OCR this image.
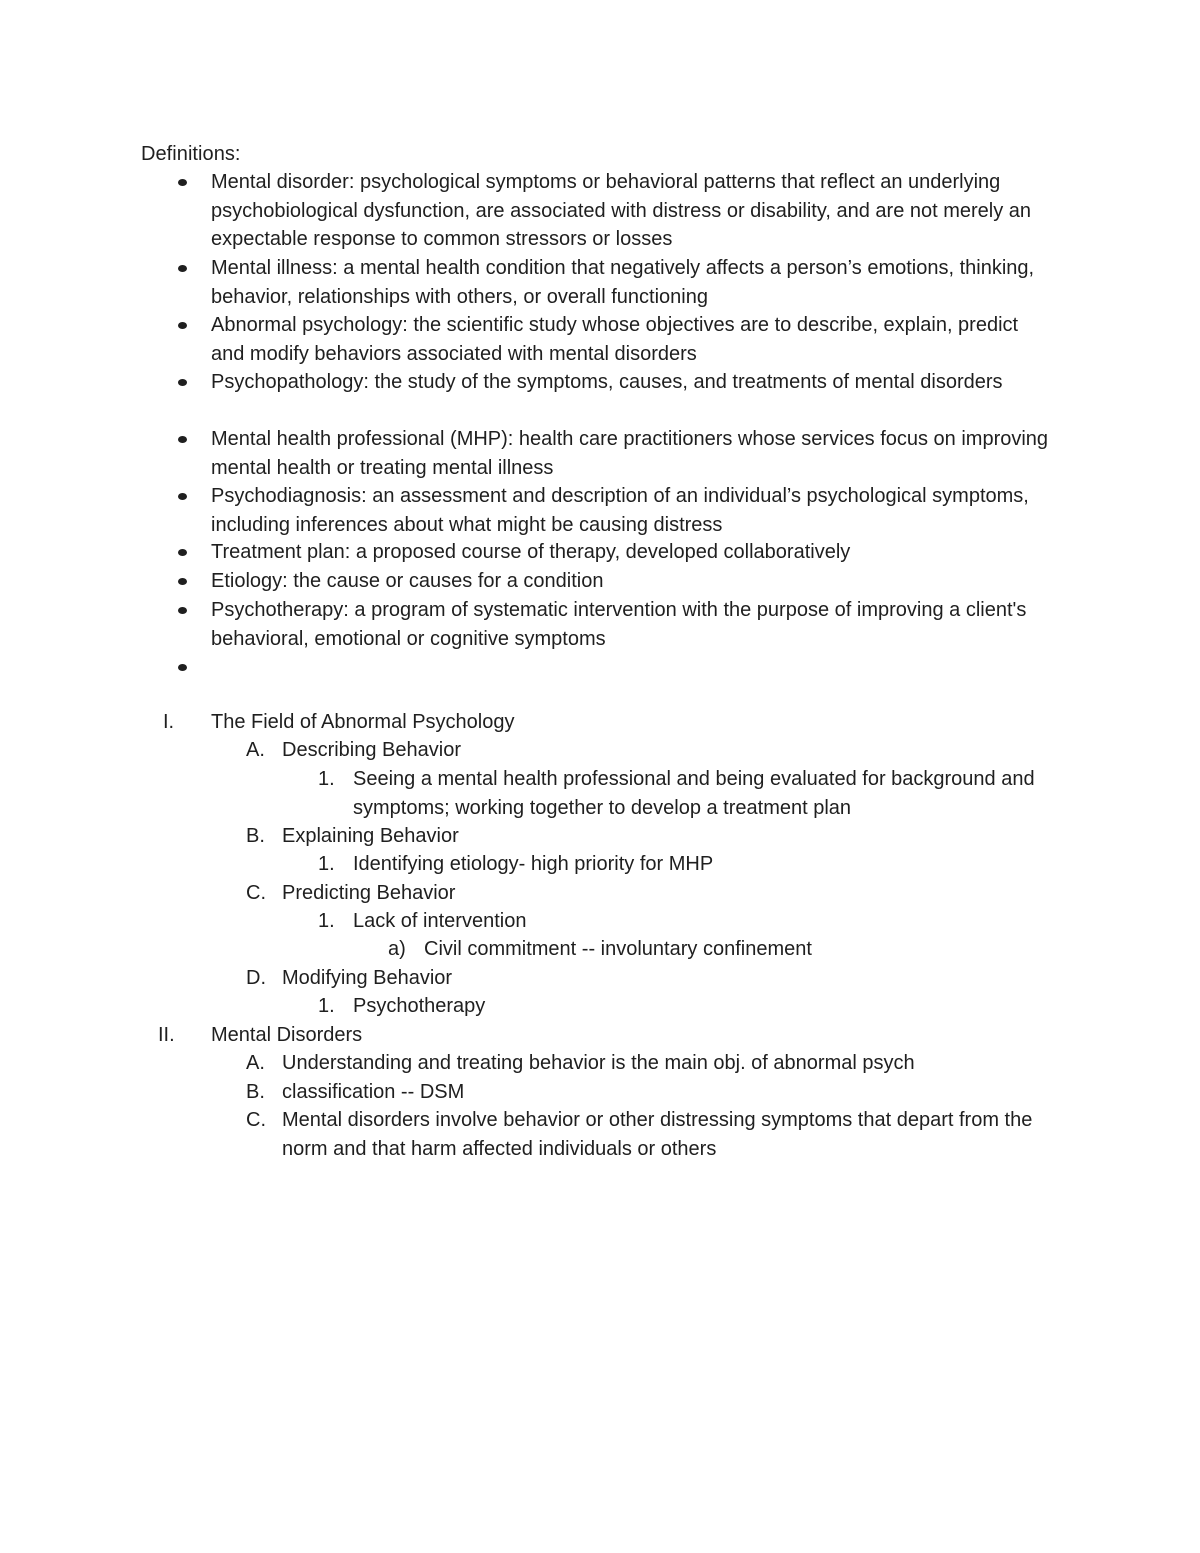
Definitions:
Mental disorder: psychological symptoms or behavioral patterns that reflect an underlying psychobiological dysfunction, are associated with distress or disability, and are not merely an expectable response to common stressors or losses
Mental illness: a mental health condition that negatively affects a person’s emotions, thinking, behavior, relationships with others, or overall functioning
Abnormal psychology: the scientific study whose objectives are to describe, explain, predict and modify behaviors associated with mental disorders
Psychopathology: the study of the symptoms, causes, and treatments of mental disorders
Mental health professional (MHP): health care practitioners whose services focus on improving mental health or treating mental illness
Psychodiagnosis: an assessment and description of an individual’s psychological symptoms, including inferences about what might be causing distress
Treatment plan: a proposed course of therapy, developed collaboratively
Etiology: the cause or causes for a condition
Psychotherapy: a program of systematic intervention with the purpose of improving a client's behavioral, emotional or cognitive symptoms
I. The Field of Abnormal Psychology
A. Describing Behavior
1. Seeing a mental health professional and being evaluated for background and symptoms; working together to develop a treatment plan
B. Explaining Behavior
1. Identifying etiology- high priority for MHP
C. Predicting Behavior
1. Lack of intervention
a) Civil commitment -- involuntary confinement
D. Modifying Behavior
1. Psychotherapy
II. Mental Disorders
A. Understanding and treating behavior is the main obj. of abnormal psych
B. classification -- DSM
C. Mental disorders involve behavior or other distressing symptoms that depart from the norm and that harm affected individuals or others
